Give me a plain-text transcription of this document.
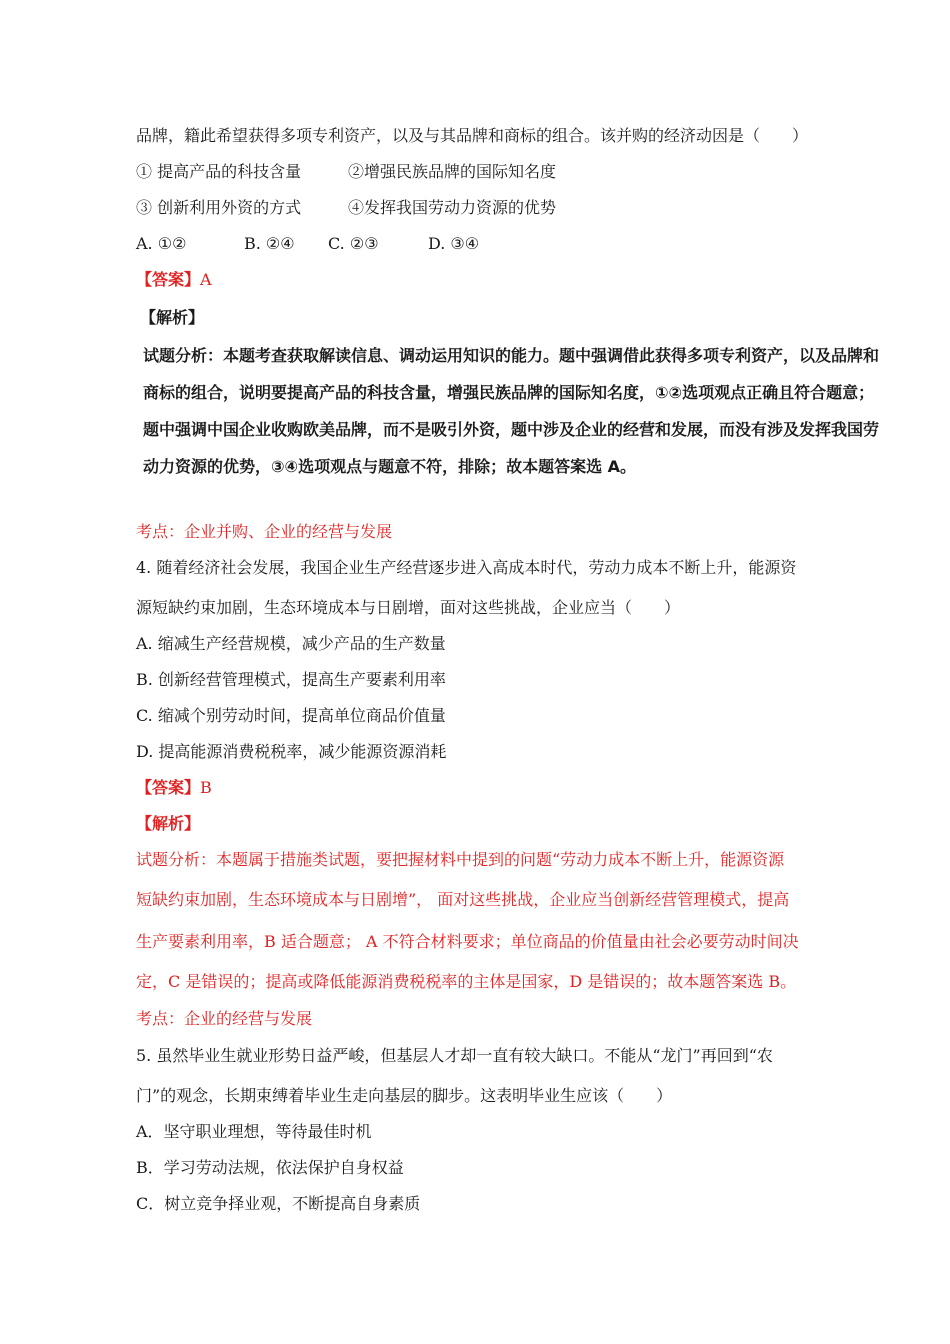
品牌，籍此希望获得多项专利资产，以及与其品牌和商标的组合。该并购的经济动因是（　　）
① 提高产品的科技含量	②增强民族品牌的国际知名度
③ 创新利用外资的方式	④发挥我国劳动力资源的优势
A. ①②	B. ②④ C. ②③	D. ③④
【答案】A
【解析】
试题分析：本题考查获取解读信息、调动运用知识的能力。题中强调借此获得多项专利资产，以及品牌和
商标的组合，说明要提高产品的科技含量，增强民族品牌的国际知名度，①②选项观点正确且符合题意；
题中强调中国企业收购欧美品牌，而不是吸引外资，题中涉及企业的经营和发展，而没有涉及发挥我国劳
动力资源的优势，③④选项观点与题意不符，排除；故本题答案选 A。
考点：企业并购、企业的经营与发展
4. 随着经济社会发展，我国企业生产经营逐步进入高成本时代，劳动力成本不断上升，能源资
源短缺约束加剧，生态环境成本与日剧增，面对这些挑战，企业应当（　　）
A. 缩减生产经营规模，减少产品的生产数量
B. 创新经营管理模式，提高生产要素利用率
C. 缩减个别劳动时间，提高单位商品价值量
D. 提高能源消费税税率，减少能源资源消耗
【答案】B
【解析】
试题分析：本题属于措施类试题，要把握材料中提到的问题“劳动力成本不断上升，能源资源
短缺约束加剧，生态环境成本与日剧增”， 面对这些挑战，企业应当创新经营管理模式，提高
生产要素利用率，B 适合题意； A 不符合材料要求；单位商品的价值量由社会必要劳动时间决
定，C 是错误的；提高或降低能源消费税税率的主体是国家，D 是错误的；故本题答案选 B。
考点：企业的经营与发展
5. 虽然毕业生就业形势日益严峻，但基层人才却一直有较大缺口。不能从“龙门”再回到“农
门”的观念，长期束缚着毕业生走向基层的脚步。这表明毕业生应该（　　）
A．坚守职业理想，等待最佳时机
B．学习劳动法规，依法保护自身权益
C．树立竞争择业观，不断提高自身素质
